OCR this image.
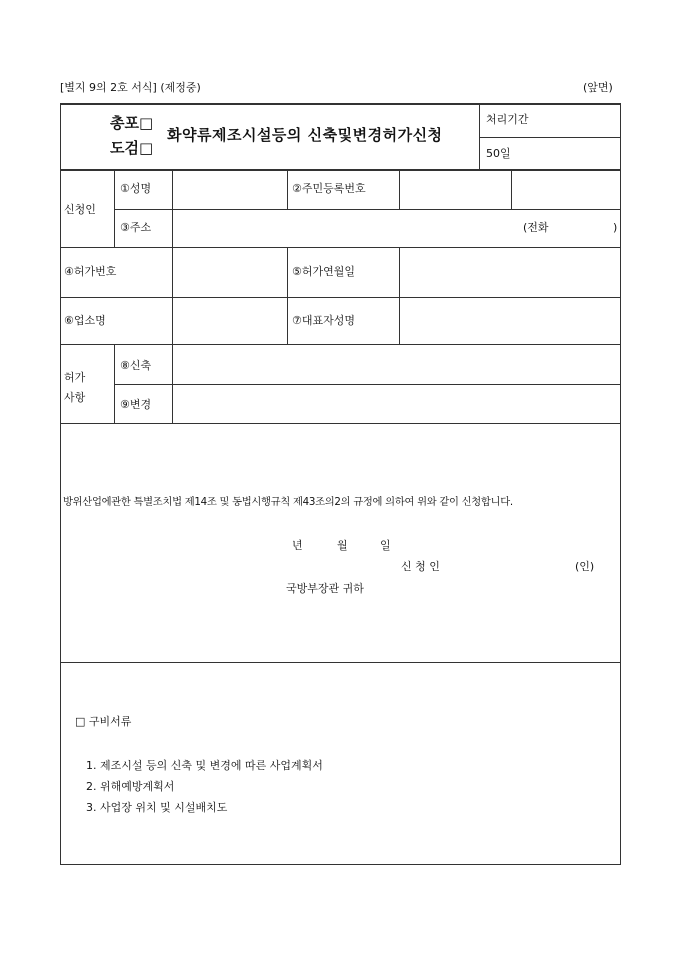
[별지 9의 2호 서식] (제정중)	(앞면)
총포□
도검□
화약류제조시설등의 신축및변경허가신청
처리기간
50일
신청인
①성명	②주민등록번호
③주소	(전화	)
④허가번호	⑤허가연월일
⑥업소명	⑦대표자성명
허가
사항
⑧신축
⑨변경
방위산업에관한 특별조치법 제14조 및 동법시행규칙 제43조의2의 규정에 의하여 위와 같이 신청합니다.
년	월	일
신 청 인	(인)
국방부장관 귀하
□ 구비서류
1. 제조시설 등의 신축 및 변경에 따른 사업계획서
2. 위해예방계획서
3. 사업장 위치 및 시설배치도
